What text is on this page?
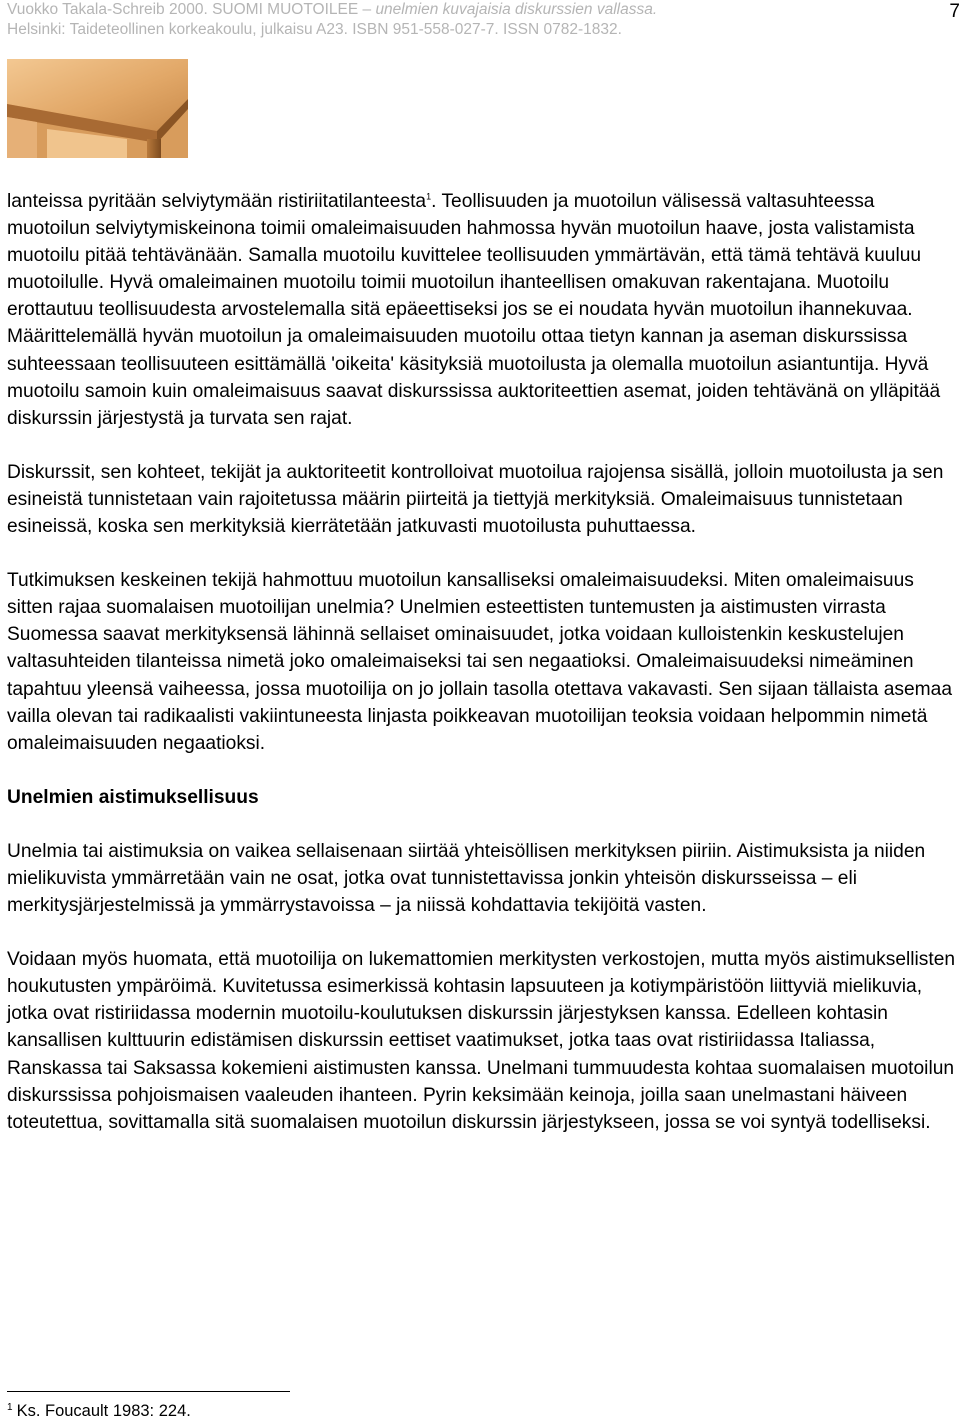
Vuokko Takala-Schreib 2000. SUOMI MUOTOILEE – unelmien kuvajaisia diskurssien vallassa.
Helsinki: Taideteollinen korkeakoulu, julkaisu A23. ISBN 951-558-027-7. ISSN 0782-1832.
7

lanteissa pyritään selviytymään ristiriitatilanteesta$^1$. Teollisuuden ja muotoilun välisessä valtasuhteessa muotoilun selviytymiskeinona toimii omaleimaisuuden hahmossa hyvän muotoilun haave, josta valistamista muotoilu pitää tehtävänään. Samalla muotoilu kuvittelee teollisuuden ymmärtävän, että tämä tehtävä kuuluu muotoilulle. Hyvä omaleimainen muotoilu toimii muotoilun ihanteellisen omakuvan rakentajana. Muotoilu erottautuu teollisuudesta arvostelemalla sitä epäeettiseksi jos se ei noudata hyvän muotoilun ihannekuvaa. Määrittelemällä hyvän muotoilun ja omaleimaisuuden muotoilu ottaa tietyn kannan ja aseman diskurssissa suhteessaan teollisuuteen esittämällä 'oikeita' käsityksiä muotoilusta ja olemalla muotoilun asiantuntija. Hyvä muotoilu samoin kuin omaleimaisuus saavat diskurssissa auktoriteettien asemat, joiden tehtävänä on ylläpitää diskurssin järjestystä ja turvata sen rajat.

Diskurssit, sen kohteet, tekijät ja auktoriteetit kontrolloivat muotoilua rajojensa sisällä, jolloin muotoilusta ja sen esineistä tunnistetaan vain rajoitetussa määrin piirteitä ja tiettyjä merkityksiä. Omaleimaisuus tunnistetaan esineissä, koska sen merkityksiä kierrätetään jatkuvasti muotoilusta puhuttaessa.

Tutkimuksen keskeinen tekijä hahmottuu muotoilun kansalliseksi omaleimaisuudeksi. Miten omaleimaisuus sitten rajaa suomalaisen muotoilijan unelmia? Unelmien esteettisten tuntemusten ja aistimusten virrasta Suomessa saavat merkityksensä lähinnä sellaiset ominaisuudet, jotka voidaan kulloistenkin keskustelujen valtasuhteiden tilanteissa nimetä joko omaleimaiseksi tai sen negaatioksi. Omaleimaisuudeksi nimeäminen tapahtuu yleensä vaiheessa, jossa muotoilija on jo jollain tasolla otettava vakavasti. Sen sijaan tällaista asemaa vailla olevan tai radikaalisti vakiintuneesta linjasta poikkeavan muotoilijan teoksia voidaan helpommin nimetä omaleimaisuuden negaatioksi.

Unelmien aistimuksellisuus

Unelmia tai aistimuksia on vaikea sellaisenaan siirtää yhteisöllisen merkityksen piiriin. Aistimuksista ja niiden mielikuvista ymmärretään vain ne osat, jotka ovat tunnistettavissa jonkin yhteisön diskursseissa – eli merkitysjärjestelmissä ja ymmärrystavoissa – ja niissä kohdattavia tekijöitä vasten.

Voidaan myös huomata, että muotoilija on lukemattomien merkitysten verkostojen, mutta myös aistimuksellisten houkutusten ympäröimä. Kuvitetussa esimerkissä kohtasin lapsuuteen ja kotiympäristöön liittyviä mielikuvia, jotka ovat ristiriidassa modernin muotoilu-koulutuksen diskurssin järjestyksen kanssa. Edelleen kohtasin kansallisen kulttuurin edistämisen diskurssin eettiset vaatimukset, jotka taas ovat ristiriidassa Italiassa, Ranskassa tai Saksassa kokemieni aistimusten kanssa. Unelmani tummuudesta kohtaa suomalaisen muotoilun diskurssissa pohjoismaisen vaaleuden ihanteen. Pyrin keksimään keinoja, joilla saan unelmastani häiveen toteutettua, sovittamalla sitä suomalaisen muotoilun diskurssin järjestykseen, jossa se voi syntyä todelliseksi.

$^1$ Ks. Foucault 1983: 224.
